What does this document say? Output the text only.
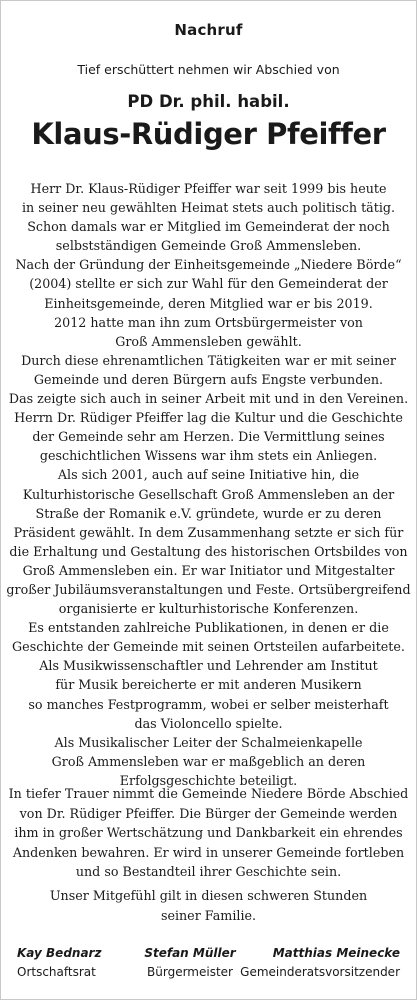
Nachruf
Tief erschüttert nehmen wir Abschied von
PD Dr. phil. habil.
Klaus-Rüdiger Pfeiffer
Herr Dr. Klaus-Rüdiger Pfeiffer war seit 1999 bis heute
in seiner neu gewählten Heimat stets auch politisch tätig.
Schon damals war er Mitglied im Gemeinderat der noch
selbstständigen Gemeinde Groß Ammensleben.
Nach der Gründung der Einheitsgemeinde „Niedere Börde“
(2004) stellte er sich zur Wahl für den Gemeinderat der
Einheitsgemeinde, deren Mitglied war er bis 2019.
2012 hatte man ihn zum Ortsbürgermeister von
Groß Ammensleben gewählt.
Durch diese ehrenamtlichen Tätigkeiten war er mit seiner
Gemeinde und deren Bürgern aufs Engste verbunden.
Das zeigte sich auch in seiner Arbeit mit und in den Vereinen.
Herrn Dr. Rüdiger Pfeiffer lag die Kultur und die Geschichte
der Gemeinde sehr am Herzen. Die Vermittlung seines
geschichtlichen Wissens war ihm stets ein Anliegen.
Als sich 2001, auch auf seine Initiative hin, die
Kulturhistorische Gesellschaft Groß Ammensleben an der
Straße der Romanik e.V. gründete, wurde er zu deren
Präsident gewählt. In dem Zusammenhang setzte er sich für
die Erhaltung und Gestaltung des historischen Ortsbildes von
Groß Ammensleben ein. Er war Initiator und Mitgestalter
großer Jubiläumsveranstaltungen und Feste. Ortsübergreifend
organisierte er kulturhistorische Konferenzen.
Es entstanden zahlreiche Publikationen, in denen er die
Geschichte der Gemeinde mit seinen Ortsteilen aufarbeitete.
Als Musikwissenschaftler und Lehrender am Institut
für Musik bereicherte er mit anderen Musikern
so manches Festprogramm, wobei er selber meisterhaft
das Violoncello spielte.
Als Musikalischer Leiter der Schalmeienkapelle
Groß Ammensleben war er maßgeblich an deren
Erfolgsgeschichte beteiligt.
In tiefer Trauer nimmt die Gemeinde Niedere Börde Abschied
von Dr. Rüdiger Pfeiffer. Die Bürger der Gemeinde werden
ihm in großer Wertschätzung und Dankbarkeit ein ehrendes
Andenken bewahren. Er wird in unserer Gemeinde fortleben
und so Bestandteil ihrer Geschichte sein.
Unser Mitgefühl gilt in diesen schweren Stunden
seiner Familie.
Kay Bednarz
Ortschaftsrat
Stefan Müller
Bürgermeister
Matthias Meinecke
Gemeinderatsvorsitzender
